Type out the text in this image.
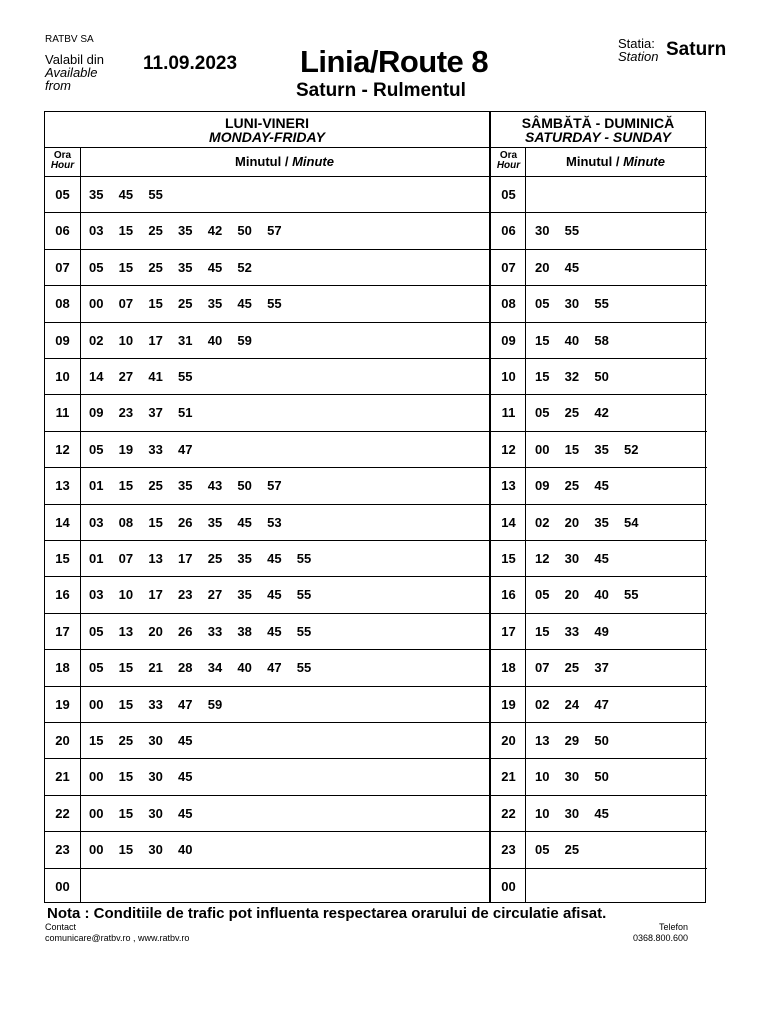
RATBV SA
Valabil din
Available
from
11.09.2023 Linia/Route 8
Saturn - Rulmentul
Statia:
Station Saturn
LUNI-VINERI
MONDAY-FRIDAY
Ora
Hour	Minutul / Minute
05	35  45  55
06	03  15  25  35  42  50  57
07	05  15  25  35  45  52
08	00  07  15  25  35  45  55
09	02  10  17  31  40  59
10	14  27  41  55
11	09  23  37  51
12	05  19  33  47
13	01  15  25  35  43  50  57
14	03  08  15  26  35  45  53
15	01  07  13  17  25  35  45  55
16	03  10  17  23  27  35  45  55
17	05  13  20  26  33  38  45  55
18	05  15  21  28  34  40  47  55
19	00  15  33  47  59
20	15  25  30  45
21	00  15  30  45
22	00  15  30  45
23	00  15  30  40
00
SÂMBĂTĂ - DUMINICĂ
SATURDAY - SUNDAY
Ora
Hour	Minutul / Minute
05
06	30  55
07	20  45
08	05  30  55
09	15  40  58
10	15  32  50
11	05  25  42
12	00  15  35  52
13	09  25  45
14	02  20  35  54
15	12  30  45
16	05  20  40  55
17	15  33  49
18	07  25  37
19	02  24  47
20	13  29  50
21	10  30  50
22	10  30  45
23	05  25
00
Nota : Conditiile de trafic pot influenta respectarea orarului de circulatie afisat.
Contact
comunicare@ratbv.ro , www.ratbv.ro
Telefon
0368.800.600
